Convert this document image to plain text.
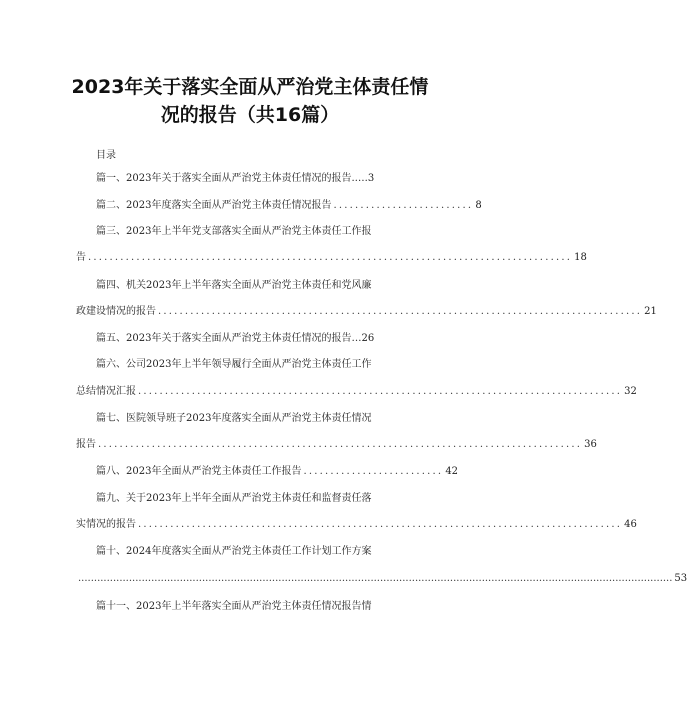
2023年关于落实全面从严治党主体责任情
况的报告（共16篇）
目录
篇一、2023年关于落实全面从严治党主体责任情况的报告.…. 3
篇二、2023年度落实全面从严治党主体责任情况报告 .......................... 8
篇三、2023年上半年党支部落实全面从严治党主体责任工作报
告 .......................................................................................... 18
篇四、机关2023年上半年落实全面从严治党主体责任和党风廉
政建设情况的报告 .......................................................................................... 21
篇五、2023年关于落实全面从严治党主体责任情况的报告… 26
篇六、公司2023年上半年领导履行全面从严治党主体责任工作
总结情况汇报 .......................................................................................... 32
篇七、医院领导班子2023年度落实全面从严治党主体责任情况
报告 .......................................................................................... 36
篇八、2023年全面从严治党主体责任工作报告 .......................... 42
篇九、关于2023年上半年全面从严治党主体责任和监督责任落
实情况的报告 .......................................................................................... 46
篇十、2024年度落实全面从严治党主体责任工作计划工作方案
........................................................................................................................................................................................... 53
篇十一、2023年上半年落实全面从严治党主体责任情况报告情
